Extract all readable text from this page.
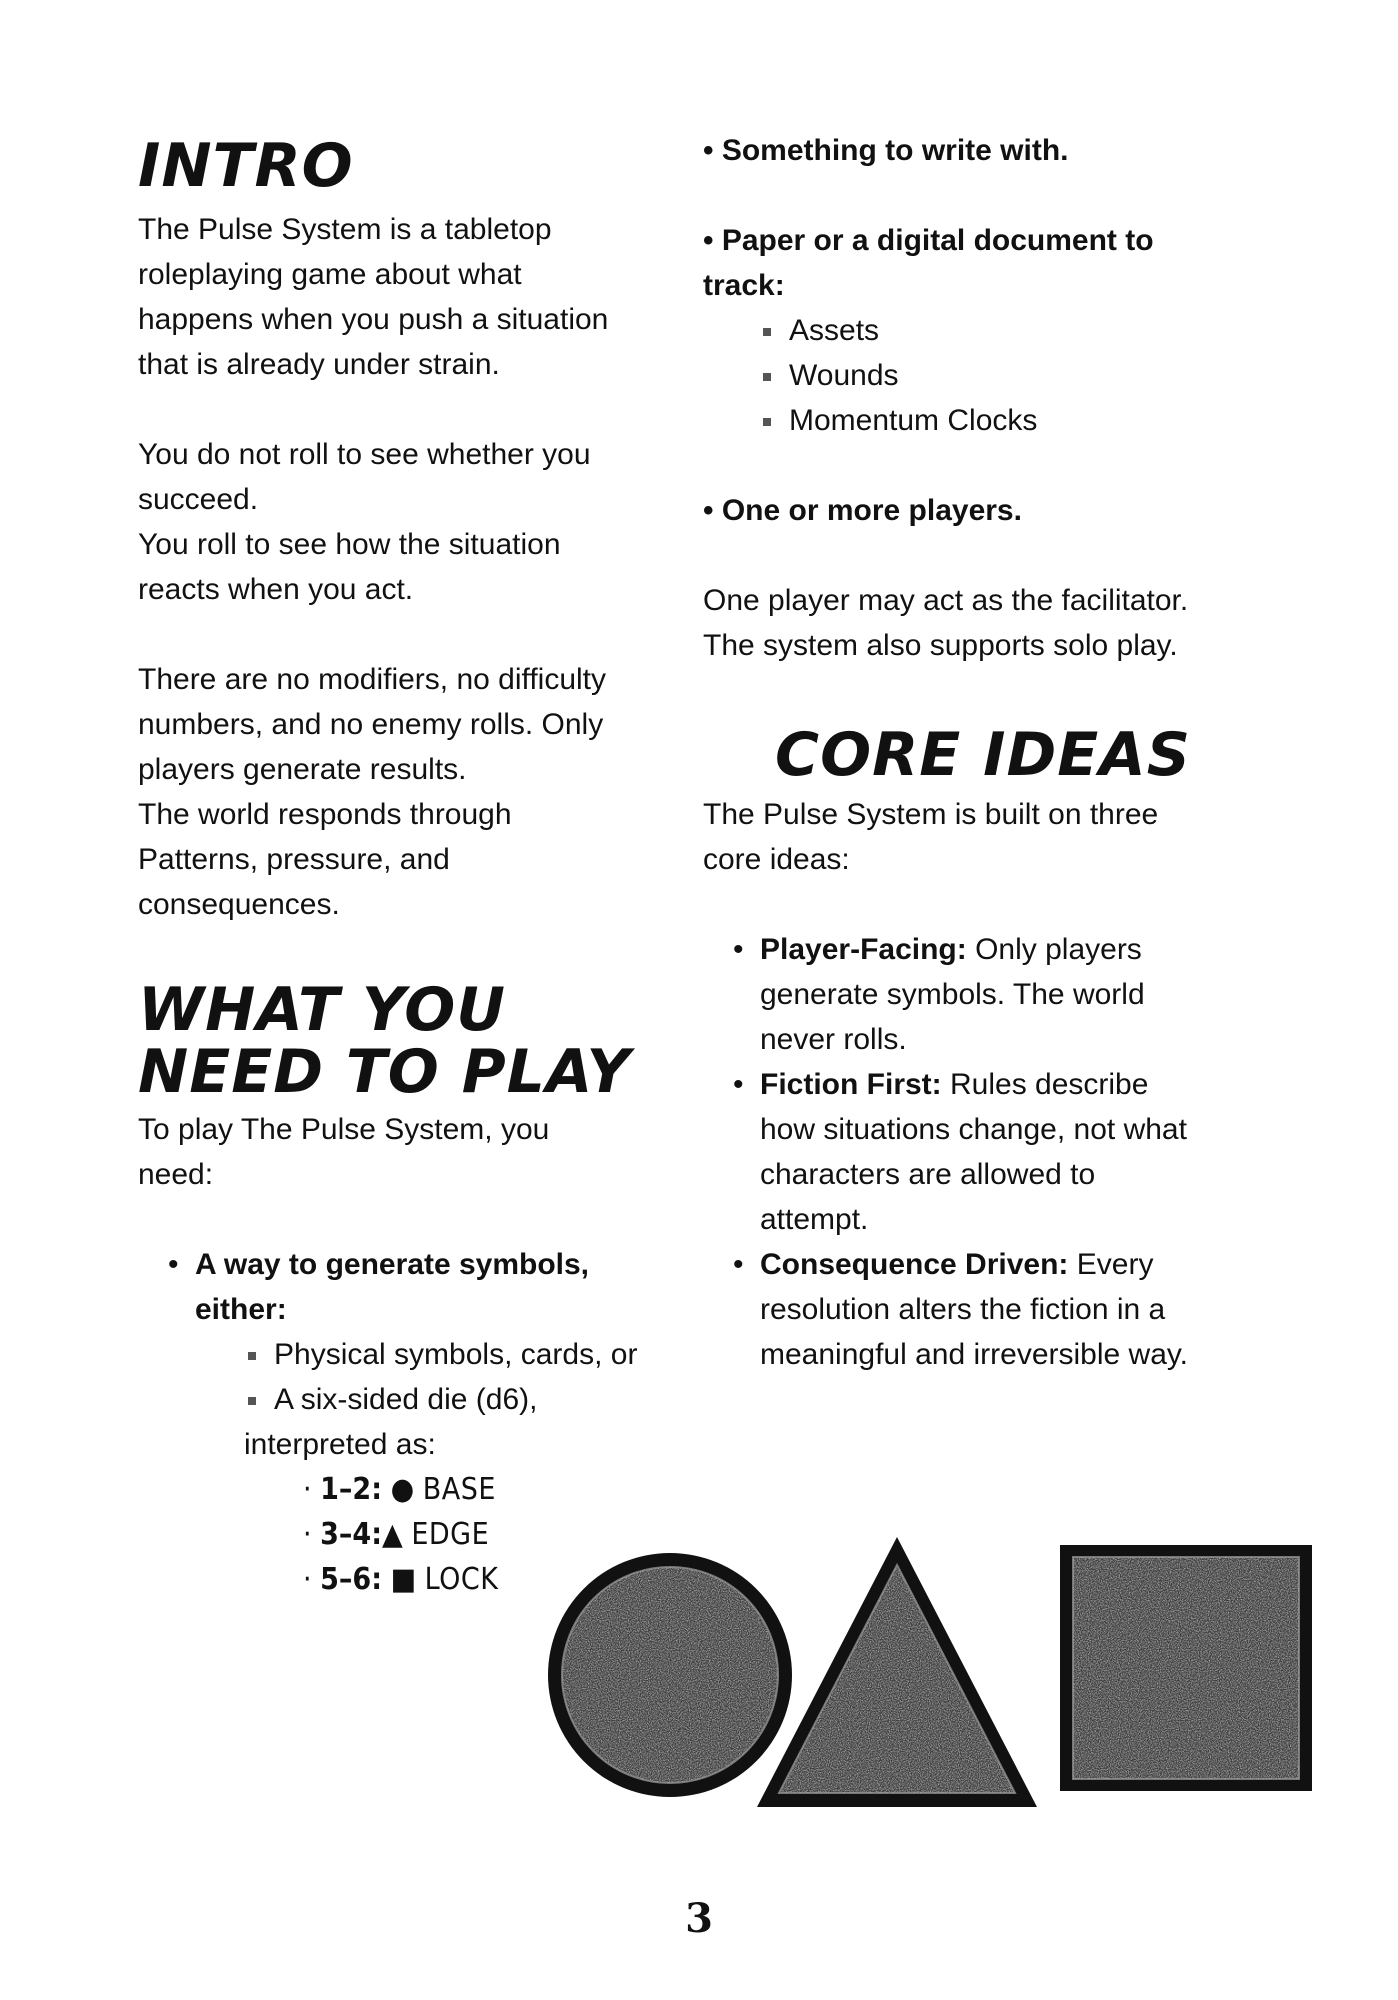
INTRO

The Pulse System is a tabletop
roleplaying game about what
happens when you push a situation
that is already under strain.

You do not roll to see whether you
succeed.
You roll to see how the situation
reacts when you act.

There are no modifiers, no difficulty
numbers, and no enemy rolls. Only
players generate results.
The world responds through
Patterns, pressure, and
consequences.

WHAT YOU
NEED TO PLAY

To play The Pulse System, you
need:

• A way to generate symbols,
either:
Physical symbols, cards, or
A six-sided die (d6),
interpreted as:
· 1–2: ● BASE
· 3–4:▲ EDGE
· 5–6: ■ LOCK

• Something to write with.

• Paper or a digital document to
track:

Assets
Wounds
Momentum Clocks

• One or more players.

One player may act as the facilitator.
The system also supports solo play.

CORE IDEAS

The Pulse System is built on three
core ideas:

• Player-Facing: Only players
generate symbols. The world
never rolls.
• Fiction First: Rules describe
how situations change, not what
characters are allowed to
attempt.
• Consequence Driven: Every
resolution alters the fiction in a
meaningful and irreversible way.
3
